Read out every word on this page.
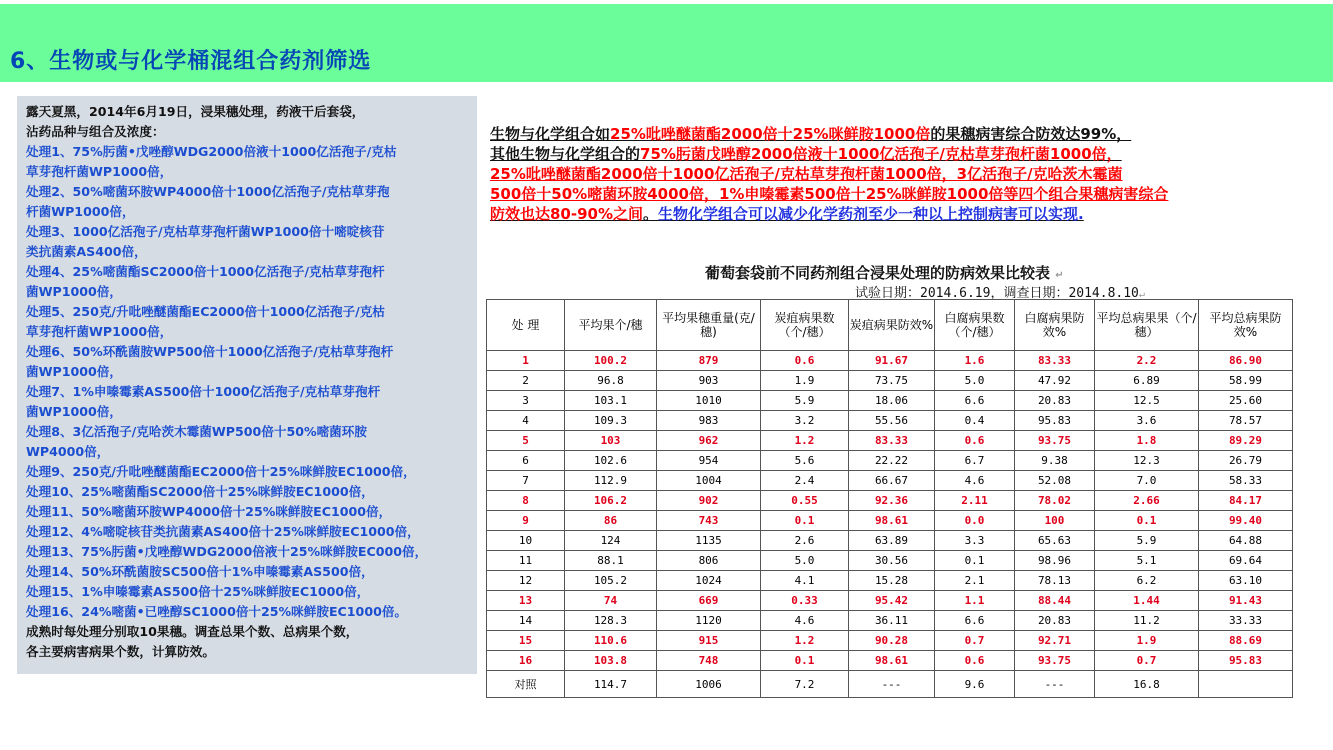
6、生物或与化学桶混组合药剂筛选
露天夏黑，2014年6月19日，浸果穗处理，药液干后套袋，
沾药品种与组合及浓度：
处理1、75%肟菌•戊唑醇WDG2000倍液十1000亿活孢子/克枯
草芽孢杆菌WP1000倍，
处理2、50%嘧菌环胺WP4000倍十1000亿活孢子/克枯草芽孢
杆菌WP1000倍，
处理3、1000亿活孢子/克枯草芽孢杆菌WP1000倍十嘧啶核苷
类抗菌素AS400倍，
处理4、25%嘧菌酯SC2000倍十1000亿活孢子/克枯草芽孢杆
菌WP1000倍，
处理5、250克/升吡唑醚菌酯EC2000倍十1000亿活孢子/克枯
草芽孢杆菌WP1000倍，
处理6、50%环酰菌胺WP500倍十1000亿活孢子/克枯草芽孢杆
菌WP1000倍，
处理7、1%申嗪霉素AS500倍十1000亿活孢子/克枯草芽孢杆
菌WP1000倍，
处理8、3亿活孢子/克哈茨木霉菌WP500倍十50%嘧菌环胺
WP4000倍，
处理9、250克/升吡唑醚菌酯EC2000倍十25%咪鲜胺EC1000倍，
处理10、25%嘧菌酯SC2000倍十25%咪鲜胺EC1000倍，
处理11、50%嘧菌环胺WP4000倍十25%咪鲜胺EC1000倍，
处理12、4%嘧啶核苷类抗菌素AS400倍十25%咪鲜胺EC1000倍，
处理13、75%肟菌•戊唑醇WDG2000倍液十25%咪鲜胺EC000倍，
处理14、50%环酰菌胺SC500倍十1%申嗪霉素AS500倍，
处理15、1%申嗪霉素AS500倍十25%咪鲜胺EC1000倍，
处理16、24%嘧菌•已唑醇SC1000倍十25%咪鲜胺EC1000倍。
成熟时每处理分别取10果穗。调查总果个数、总病果个数，
各主要病害病果个数，计算防效。
生物与化学组合如25%吡唑醚菌酯2000倍十25%咪鲜胺1000倍的果穗病害综合防效达99%，
其他生物与化学组合的75%肟菌戊唑醇2000倍液十1000亿活孢子/克枯草芽孢杆菌1000倍，
25%吡唑醚菌酯2000倍十1000亿活孢子/克枯草芽孢杆菌1000倍，3亿活孢子/克哈茨木霉菌
500倍十50%嘧菌环胺4000倍，1%申嗪霉素500倍十25%咪鲜胺1000倍等四个组合果穗病害综合
防效也达80-90%之间。生物化学组合可以减少化学药剂至少一种以上控制病害可以实现.
葡萄套袋前不同药剂组合浸果处理的防病效果比较表 ↵
试验日期：2014.6.19，调查日期：2014.8.10↵
处 理	平均果个/穗	平均果穗重量(克/穗)	炭疽病果数（个/穗）	炭疽病果防效%	白腐病果数（个/穗）	白腐病果防效%	平均总病果果（个/穗）	平均总病果防效%
1	100.2	879	0.6	91.67	1.6	83.33	2.2	86.90
2	96.8	903	1.9	73.75	5.0	47.92	6.89	58.99
3	103.1	1010	5.9	18.06	6.6	20.83	12.5	25.60
4	109.3	983	3.2	55.56	0.4	95.83	3.6	78.57
5	103	962	1.2	83.33	0.6	93.75	1.8	89.29
6	102.6	954	5.6	22.22	6.7	9.38	12.3	26.79
7	112.9	1004	2.4	66.67	4.6	52.08	7.0	58.33
8	106.2	902	0.55	92.36	2.11	78.02	2.66	84.17
9	86	743	0.1	98.61	0.0	100	0.1	99.40
10	124	1135	2.6	63.89	3.3	65.63	5.9	64.88
11	88.1	806	5.0	30.56	0.1	98.96	5.1	69.64
12	105.2	1024	4.1	15.28	2.1	78.13	6.2	63.10
13	74	669	0.33	95.42	1.1	88.44	1.44	91.43
14	128.3	1120	4.6	36.11	6.6	20.83	11.2	33.33
15	110.6	915	1.2	90.28	0.7	92.71	1.9	88.69
16	103.8	748	0.1	98.61	0.6	93.75	0.7	95.83
对照	114.7	1006	7.2	---	9.6	---	16.8	
